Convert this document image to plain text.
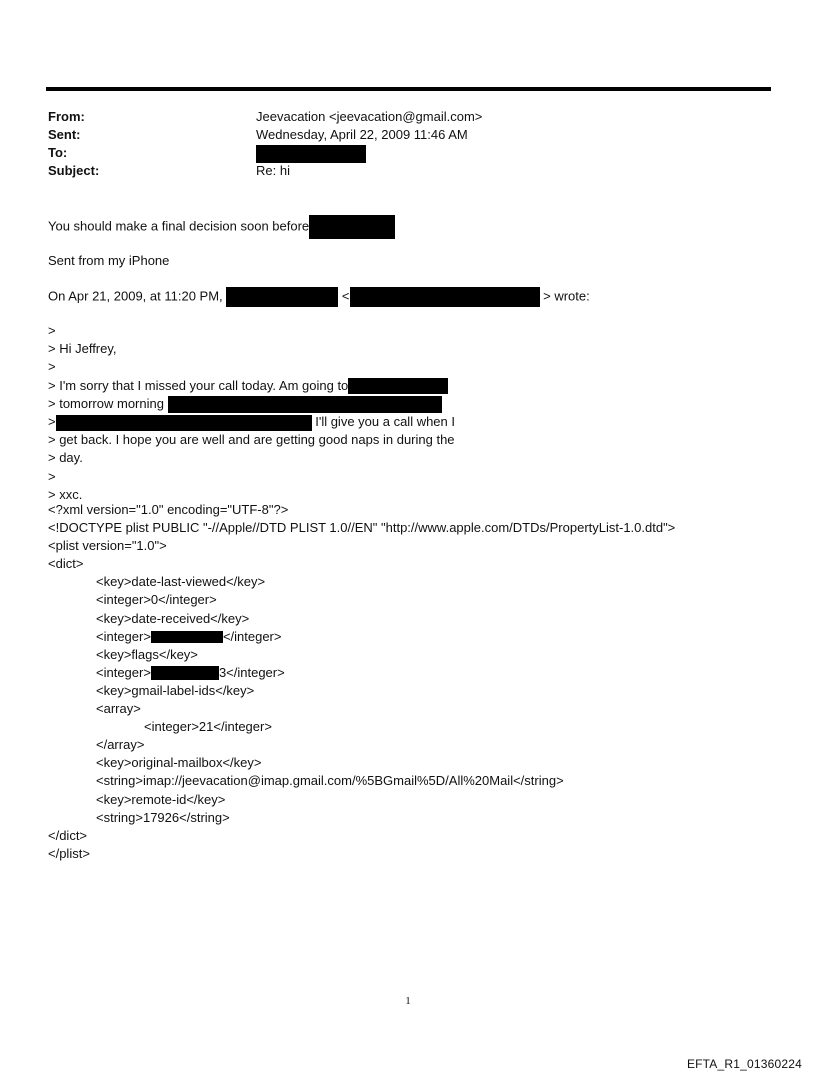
From:	Jeevacation <jeevacation@gmail.com>
Sent:	Wednesday, April 22, 2009 11:46 AM
To:
Subject:	Re: hi
You should make a final decision soon before
Sent from my iPhone
On Apr 21, 2009, at 11:20 PM,	<	> wrote:
>
> Hi Jeffrey,
>
> I'm sorry that I missed your call today. Am going to
> tomorrow morning
>	I'll give you a call when I
> get back. I hope you are well and are getting good naps in during the
> day.
>
> xxc.
<?xml version="1.0" encoding="UTF-8"?>
<!DOCTYPE plist PUBLIC "-//Apple//DTD PLIST 1.0//EN" "http://www.apple.com/DTDs/PropertyList-1.0.dtd">
<plist version="1.0">
<dict>
<key>date-last-viewed</key>
<integer>0</integer>
<key>date-received</key>
<integer>	</integer>
<key>flags</key>
<integer>	3</integer>
<key>gmail-label-ids</key>
<array>
<integer>21</integer>
</array>
<key>original-mailbox</key>
<string>imap://jeevacation@imap.gmail.com/%5BGmail%5D/All%20Mail</string>
<key>remote-id</key>
<string>17926</string>
</dict>
</plist>
1
EFTA_R1_01360224
